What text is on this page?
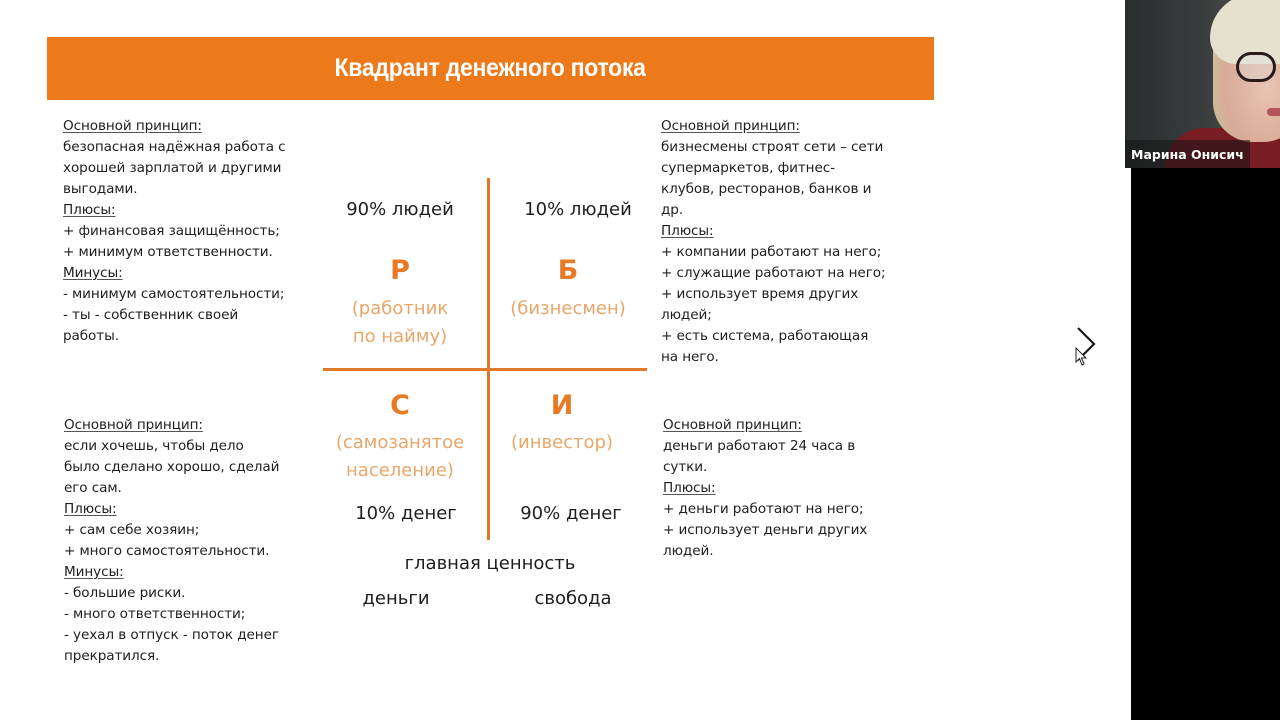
Квадрант денежного потока
Основной принцип:
безопасная надёжная работа с
хорошей зарплатой и другими
выгодами.
Плюсы:
+ финансовая защищённость;
+ минимум ответственности.
Минусы:
- минимум самостоятельности;
- ты - собственник своей
работы.
Основной принцип:
бизнесмены строят сети – сети
супермаркетов, фитнес-
клубов, ресторанов, банков и
др.
Плюсы:
+ компании работают на него;
+ служащие работают на него;
+ использует время других
людей;
+ есть система, работающая
на него.
Основной принцип:
если хочешь, чтобы дело
было сделано хорошо, сделай
его сам.
Плюсы:
+ сам себе хозяин;
+ много самостоятельности.
Минусы:
- большие риски.
- много ответственности;
- уехал в отпуск - поток денег
прекратился.
Основной принцип:
деньги работают 24 часа в
сутки.
Плюсы:
+ деньги работают на него;
+ использует деньги других
людей.
90% людей	10% людей
Р
(работник
по найму)
Б
(бизнесмен)
С
(самозанятое
население)
И
(инвестор)
10% денег	90% денег
главная ценность
деньги	свобода
Марина Онисич
